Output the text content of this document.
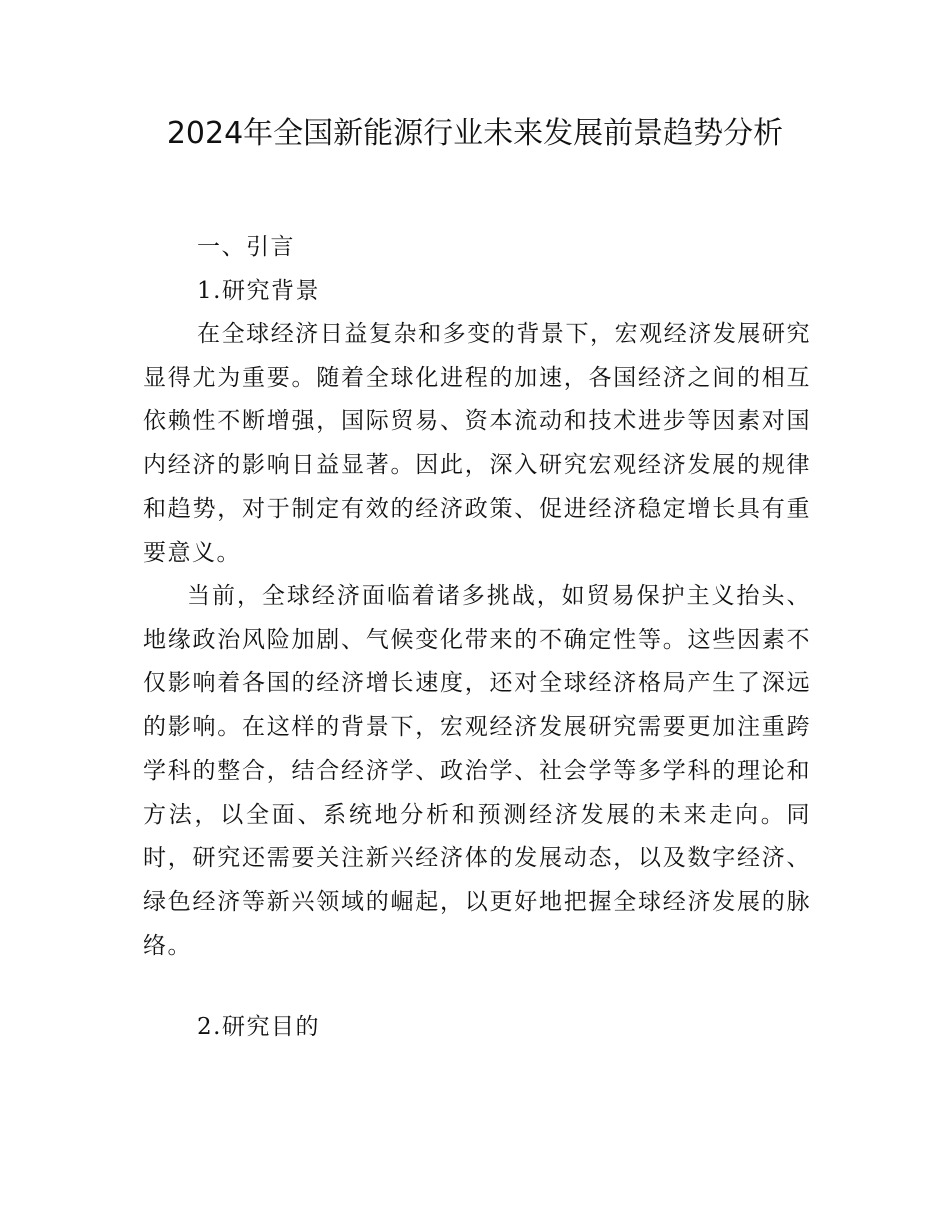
2024年全国新能源行业未来发展前景趋势分析

一、引言

1.研究背景

在全球经济日益复杂和多变的背景下，宏观经济发展研究显得尤为重要。随着全球化进程的加速，各国经济之间的相互依赖性不断增强，国际贸易、资本流动和技术进步等因素对国内经济的影响日益显著。因此，深入研究宏观经济发展的规律和趋势，对于制定有效的经济政策、促进经济稳定增长具有重要意义。

当前，全球经济面临着诸多挑战，如贸易保护主义抬头、地缘政治风险加剧、气候变化带来的不确定性等。这些因素不仅影响着各国的经济增长速度，还对全球经济格局产生了深远的影响。在这样的背景下，宏观经济发展研究需要更加注重跨学科的整合，结合经济学、政治学、社会学等多学科的理论和方法，以全面、系统地分析和预测经济发展的未来走向。同时，研究还需要关注新兴经济体的发展动态，以及数字经济、绿色经济等新兴领域的崛起，以更好地把握全球经济发展的脉络。

2.研究目的
